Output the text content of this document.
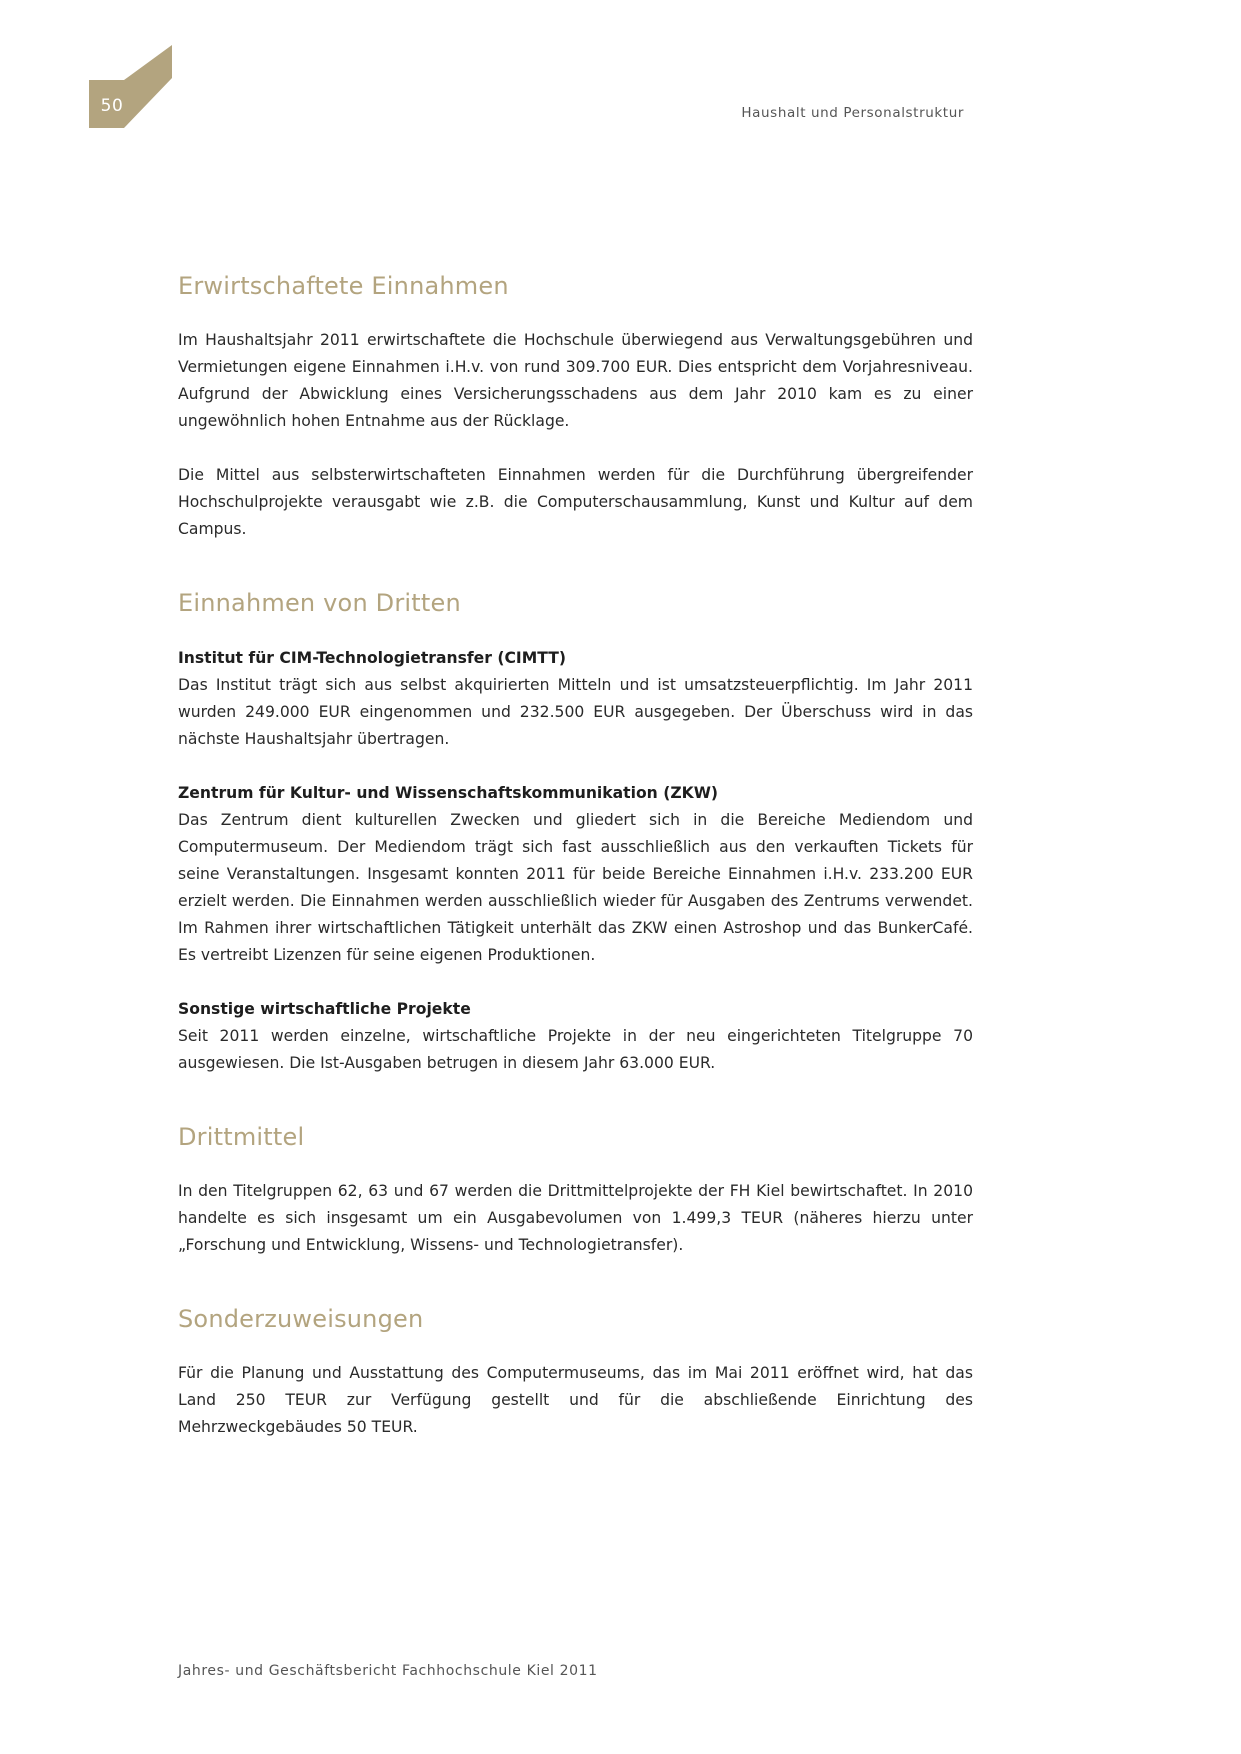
50	Haushalt und Personalstruktur
Erwirtschaftete Einnahmen

Im Haushaltsjahr 2011 erwirtschaftete die Hochschule überwiegend aus Verwaltungsgebühren und Vermietungen eigene Einnahmen i.H.v. von rund 309.700 EUR. Dies entspricht dem Vorjahresniveau. Aufgrund der Abwicklung eines Versicherungsschadens aus dem Jahr 2010 kam es zu einer ungewöhnlich hohen Entnahme aus der Rücklage.

Die Mittel aus selbsterwirtschafteten Einnahmen werden für die Durchführung übergreifender Hochschulprojekte verausgabt wie z.B. die Computerschausammlung, Kunst und Kultur auf dem Campus.

Einnahmen von Dritten

Institut für CIM-Technologietransfer (CIMTT)

Das Institut trägt sich aus selbst akquirierten Mitteln und ist umsatzsteuerpflichtig. Im Jahr 2011 wurden 249.000 EUR eingenommen und 232.500 EUR ausgegeben. Der Überschuss wird in das nächste Haushaltsjahr übertragen.

Zentrum für Kultur- und Wissenschaftskommunikation (ZKW)

Das Zentrum dient kulturellen Zwecken und gliedert sich in die Bereiche Mediendom und Computermuseum. Der Mediendom trägt sich fast ausschließlich aus den verkauften Tickets für seine Veranstaltungen. Insgesamt konnten 2011 für beide Bereiche Einnahmen i.H.v. 233.200 EUR erzielt werden. Die Einnahmen werden ausschließlich wieder für Ausgaben des Zentrums verwendet. Im Rahmen ihrer wirtschaftlichen Tätigkeit unterhält das ZKW einen Astroshop und das BunkerCafé. Es vertreibt Lizenzen für seine eigenen Produktionen.

Sonstige wirtschaftliche Projekte

Seit 2011 werden einzelne, wirtschaftliche Projekte in der neu eingerichteten Titelgruppe 70 ausgewiesen. Die Ist-Ausgaben betrugen in diesem Jahr 63.000 EUR.

Drittmittel

In den Titelgruppen 62, 63 und 67 werden die Drittmittelprojekte der FH Kiel bewirtschaftet. In 2010 handelte es sich insgesamt um ein Ausgabevolumen von 1.499,3 TEUR (näheres hierzu unter „Forschung und Entwicklung, Wissens- und Technologietransfer).

Sonderzuweisungen

Für die Planung und Ausstattung des Computermuseums, das im Mai 2011 eröffnet wird, hat das Land 250 TEUR zur Verfügung gestellt und für die abschließende Einrichtung des Mehrzweckgebäudes 50 TEUR.

Jahres- und Geschäftsbericht Fachhochschule Kiel 2011
